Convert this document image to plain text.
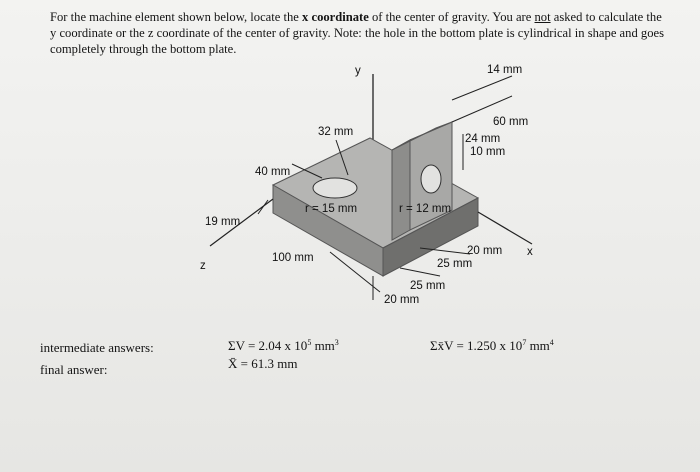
For the machine element shown below, locate the x coordinate of the center of gravity. You are not asked to calculate the y coordinate or the z coordinate of the center of gravity. Note: the hole in the bottom plate is cylindrical in shape and goes completely through the bottom plate.
y
x
z
14 mm
60 mm
32 mm
24 mm
10 mm
40 mm
r = 15 mm	r = 12 mm
19 mm
100 mm
20 mm
25 mm
25 mm
20 mm
intermediate answers:
final answer:
ΣV = 2.04 x $10^5$ $mm^3$	Σx̄V = 1.250 x $10^7$ $mm^4$
X̄ = 61.3 mm
